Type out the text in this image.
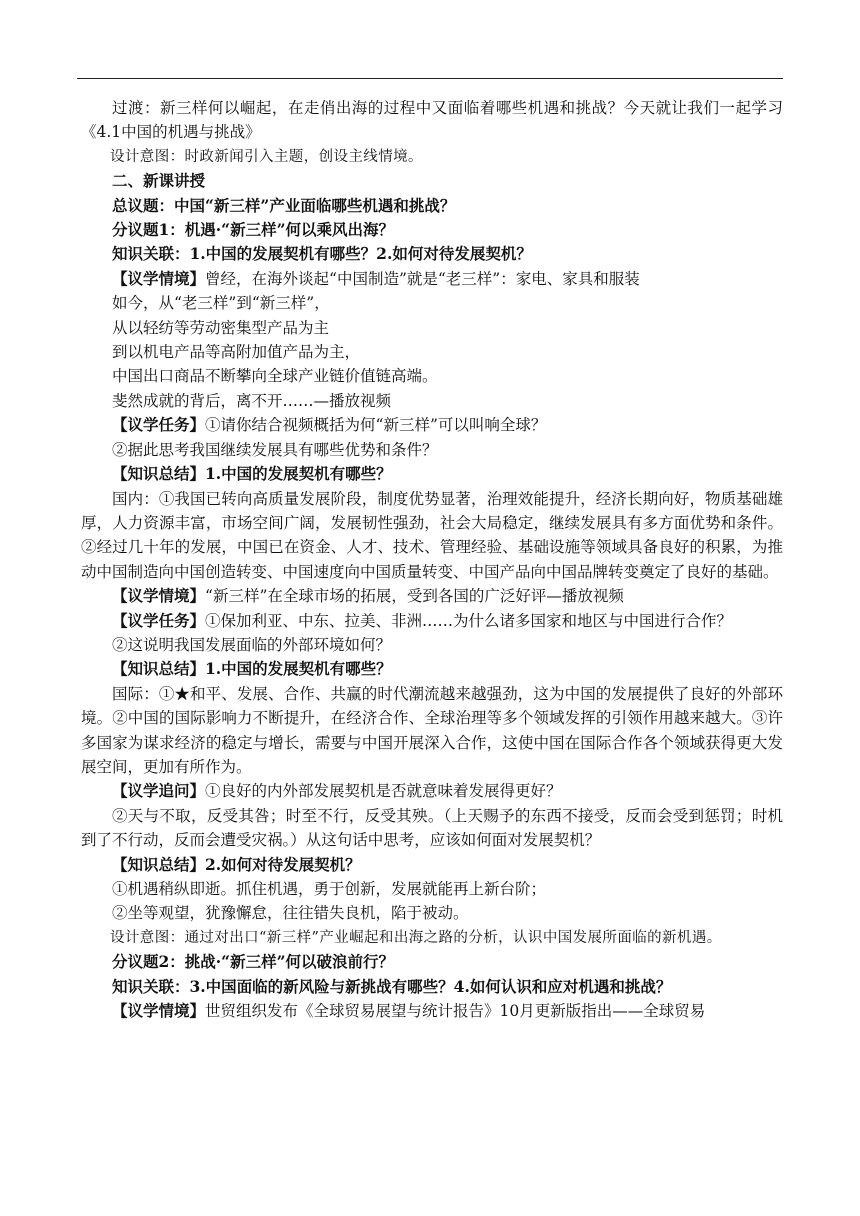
过渡：新三样何以崛起，在走俏出海的过程中又面临着哪些机遇和挑战？今天就让我们一起学习《4.1中国的机遇与挑战》

设计意图：时政新闻引入主题，创设主线情境。

二、新课讲授

总议题：中国“新三样”产业面临哪些机遇和挑战？

分议题1：机遇·“新三样”何以乘风出海？

知识关联：1.中国的发展契机有哪些？2.如何对待发展契机？

【议学情境】曾经，在海外谈起“中国制造”就是“老三样”：家电、家具和服装

如今，从“老三样”到“新三样”，

从以轻纺等劳动密集型产品为主

到以机电产品等高附加值产品为主，

中国出口商品不断攀向全球产业链价值链高端。

斐然成就的背后，离不开……—播放视频

【议学任务】①请你结合视频概括为何“新三样”可以叫响全球？

②据此思考我国继续发展具有哪些优势和条件？

【知识总结】1.中国的发展契机有哪些？

国内：①我国已转向高质量发展阶段，制度优势显著，治理效能提升，经济长期向好，物质基础雄厚，人力资源丰富，市场空间广阔，发展韧性强劲，社会大局稳定，继续发展具有多方面优势和条件。②经过几十年的发展，中国已在资金、人才、技术、管理经验、基础设施等领域具备良好的积累，为推动中国制造向中国创造转变、中国速度向中国质量转变、中国产品向中国品牌转变奠定了良好的基础。

【议学情境】“新三样”在全球市场的拓展，受到各国的广泛好评—播放视频

【议学任务】①保加利亚、中东、拉美、非洲……为什么诸多国家和地区与中国进行合作？

②这说明我国发展面临的外部环境如何？

【知识总结】1.中国的发展契机有哪些？

国际：①★和平、发展、合作、共赢的时代潮流越来越强劲，这为中国的发展提供了良好的外部环境。②中国的国际影响力不断提升，在经济合作、全球治理等多个领域发挥的引领作用越来越大。③许多国家为谋求经济的稳定与增长，需要与中国开展深入合作，这使中国在国际合作各个领域获得更大发展空间，更加有所作为。

【议学追问】①良好的内外部发展契机是否就意味着发展得更好？

②天与不取，反受其咎；时至不行，反受其殃。（上天赐予的东西不接受，反而会受到惩罚；时机到了不行动，反而会遭受灾祸。）从这句话中思考，应该如何面对发展契机？

【知识总结】2.如何对待发展契机？

①机遇稍纵即逝。抓住机遇，勇于创新，发展就能再上新台阶；

②坐等观望，犹豫懈怠，往往错失良机，陷于被动。

设计意图：通过对出口“新三样”产业崛起和出海之路的分析，认识中国发展所面临的新机遇。

分议题2：挑战·“新三样”何以破浪前行？

知识关联：3.中国面临的新风险与新挑战有哪些？4.如何认识和应对机遇和挑战？

【议学情境】世贸组织发布《全球贸易展望与统计报告》10月更新版指出——全球贸易
